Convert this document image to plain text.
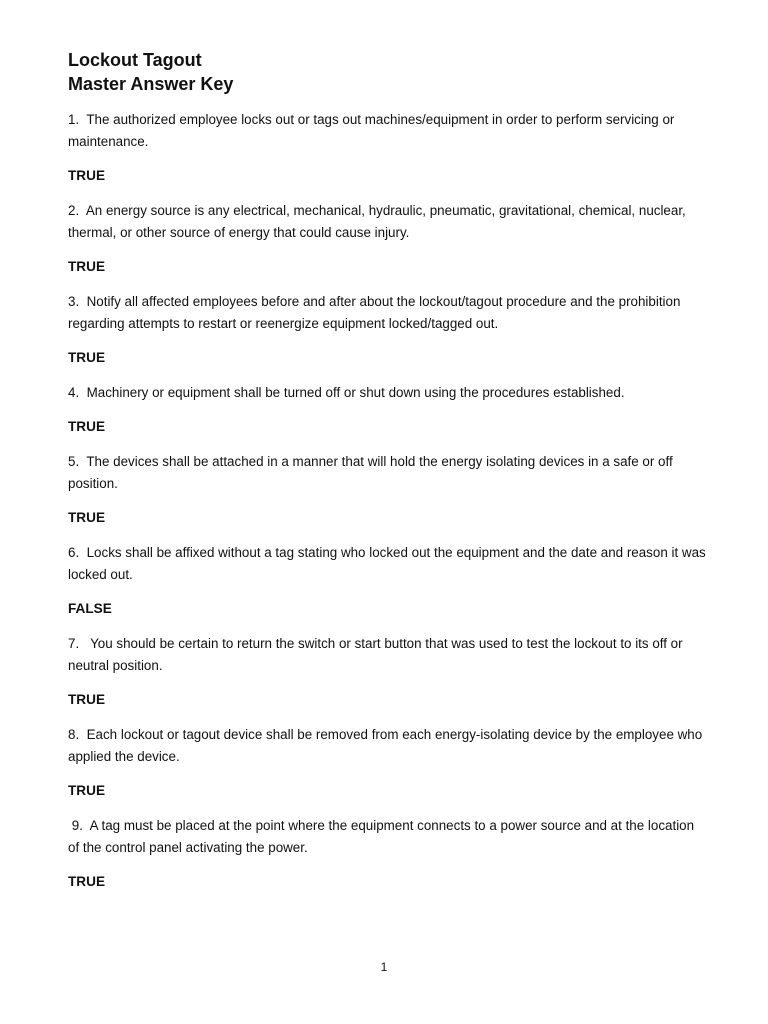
Lockout Tagout

Master Answer Key

1.  The authorized employee locks out or tags out machines/equipment in order to perform servicing or maintenance.

TRUE

2.  An energy source is any electrical, mechanical, hydraulic, pneumatic, gravitational, chemical, nuclear, thermal, or other source of energy that could cause injury.

TRUE

3.  Notify all affected employees before and after about the lockout/tagout procedure and the prohibition regarding attempts to restart or reenergize equipment locked/tagged out.

TRUE

4.  Machinery or equipment shall be turned off or shut down using the procedures established.

TRUE

5.  The devices shall be attached in a manner that will hold the energy isolating devices in a safe or off position.

TRUE

6.  Locks shall be affixed without a tag stating who locked out the equipment and the date and reason it was locked out.

FALSE

7.   You should be certain to return the switch or start button that was used to test the lockout to its off or neutral position.

TRUE

8.  Each lockout or tagout device shall be removed from each energy-isolating device by the employee who applied the device.

TRUE

9.  A tag must be placed at the point where the equipment connects to a power source and at the location of the control panel activating the power.

TRUE

1
